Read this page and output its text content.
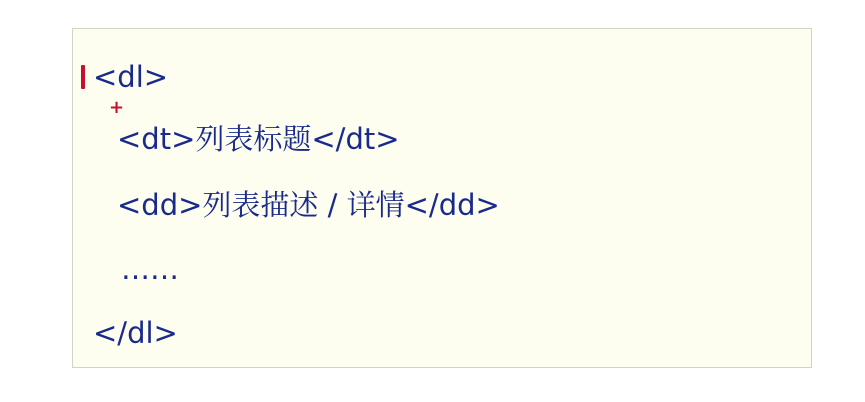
+
<dl>
<dt>列表标题</dt>
<dd>列表描述 / 详情</dd>
……
</dl>
